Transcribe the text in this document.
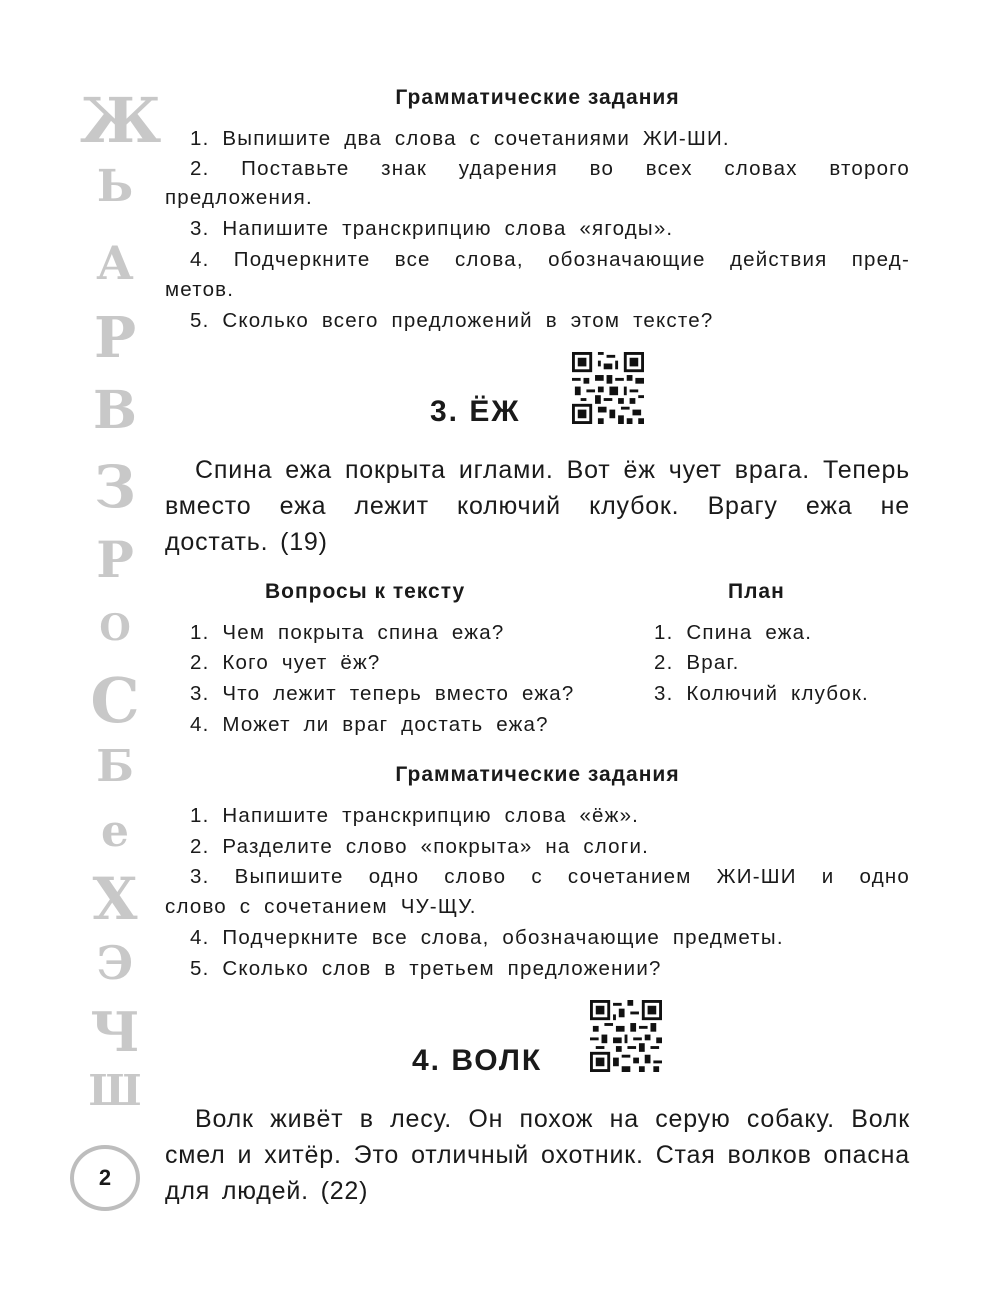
Ж
Ь
А
Р
В
З
Р
О
С
Б
е
Х
Э
Ч
Ш
Грамматические задания
1. Выпишите два слова с сочетаниями ЖИ-ШИ.
2. Поставьте знак ударения во всех словах второго
предложения.
3. Напишите транскрипцию слова «ягоды».
4. Подчеркните все слова, обозначающие действия пред-
метов.
5. Сколько всего предложений в этом тексте?
3. ЁЖ
Спина ежа покрыта иглами. Вот ёж чует врага. Теперь вместо ежа лежит колючий клубок. Врагу ежа не достать. (19)
Вопросы к тексту
1. Чем покрыта спина ежа?
2. Кого чует ёж?
3. Что лежит теперь вместо ежа?
4. Может ли враг достать ежа?
План
1. Спина ежа.
2. Враг.
3. Колючий клубок.
Грамматические задания
1. Напишите транскрипцию слова «ёж».
2. Разделите слово «покрыта» на слоги.
3. Выпишите одно слово с сочетанием ЖИ-ШИ и одно
слово с сочетанием ЧУ-ЩУ.
4. Подчеркните все слова, обозначающие предметы.
5. Сколько слов в третьем предложении?
4. ВОЛК
Волк живёт в лесу. Он похож на серую собаку. Волк смел и хитёр. Это отличный охотник. Стая волков опасна для людей. (22)
2
